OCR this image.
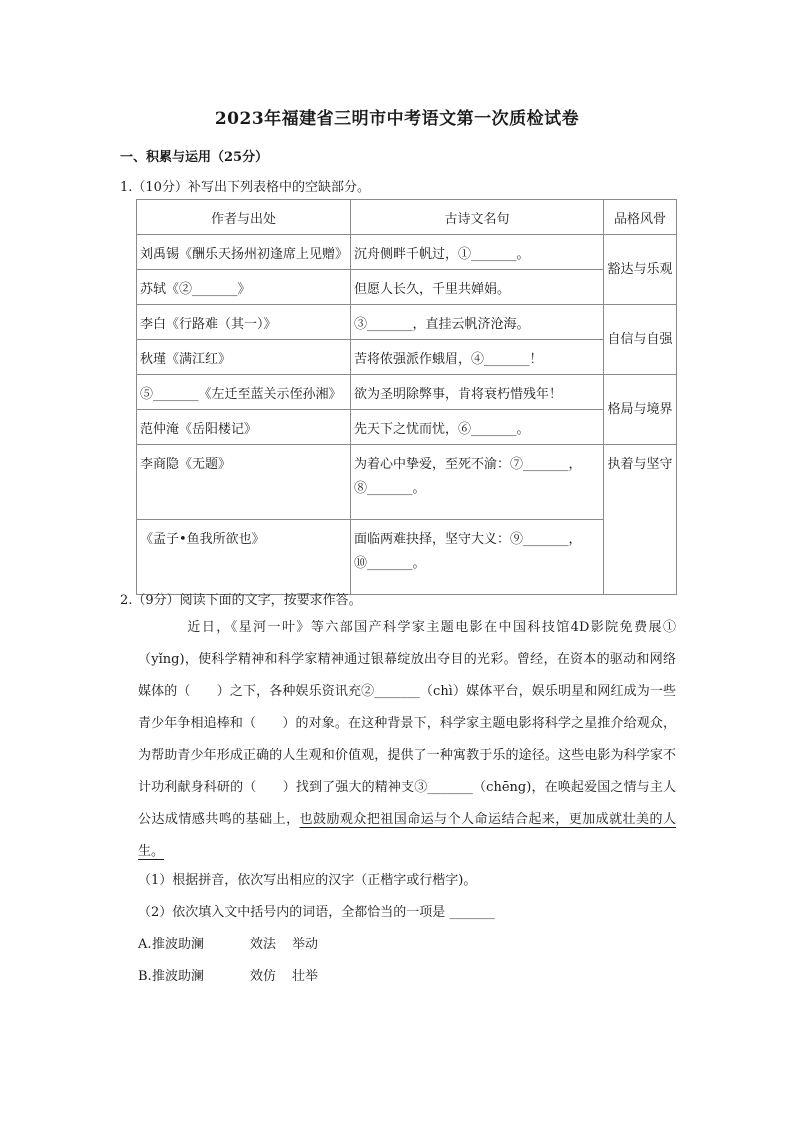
2023年福建省三明市中考语文第一次质检试卷
一、积累与运用（25分）
1.（10分）补写出下列表格中的空缺部分。
作者与出处	古诗文名句	品格风骨
刘禹锡《酬乐天扬州初逢席上见赠》	沉舟侧畔千帆过，①_______。	豁达与乐观
苏轼《②_______》	但愿人长久，千里共婵娟。	
李白《行路难（其一）》	③_______，直挂云帆济沧海。	自信与自强
秋瑾《满江红》	苦将侬强派作蛾眉，④_______！	
⑤_______《左迁至蓝关示侄孙湘》	欲为圣明除弊事，肯将衰朽惜残年！	格局与境界
范仲淹《岳阳楼记》	先天下之忧而忧，⑥_______。	
李商隐《无题》	为着心中挚爱，至死不渝：⑦_______，⑧_______。	执着与坚守
《孟子•鱼我所欲也》	面临两难抉择，坚守大义：⑨_______，⑩_______。	
2.（9分）阅读下面的文字，按要求作答。
近日，《星河一叶》等六部国产科学家主题电影在中国科技馆4D影院免费展①（yǐng)，使科学精神和科学家精神通过银幕绽放出夺目的光彩。曾经，在资本的驱动和网络媒体的（　　）之下，各种娱乐资讯充②_______（chì）媒体平台，娱乐明星和网红成为一些青少年争相追棒和（　　）的对象。在这种背景下，科学家主题电影将科学之星推介给观众，为帮助青少年形成正确的人生观和价值观，提供了一种寓教于乐的途径。这些电影为科学家不计功利献身科研的（　　）找到了强大的精神支③_______（chēng)，在唤起爱国之情与主人公达成情感共鸣的基础上，也鼓励观众把祖国命运与个人命运结合起来，更加成就壮美的人生。
（1）根据拼音，依次写出相应的汉字（正楷字或行楷字)。
（2）依次填入文中括号内的词语，全都恰当的一项是 _______
A.推波助澜	效法 举动
B.推波助澜	效仿 壮举
